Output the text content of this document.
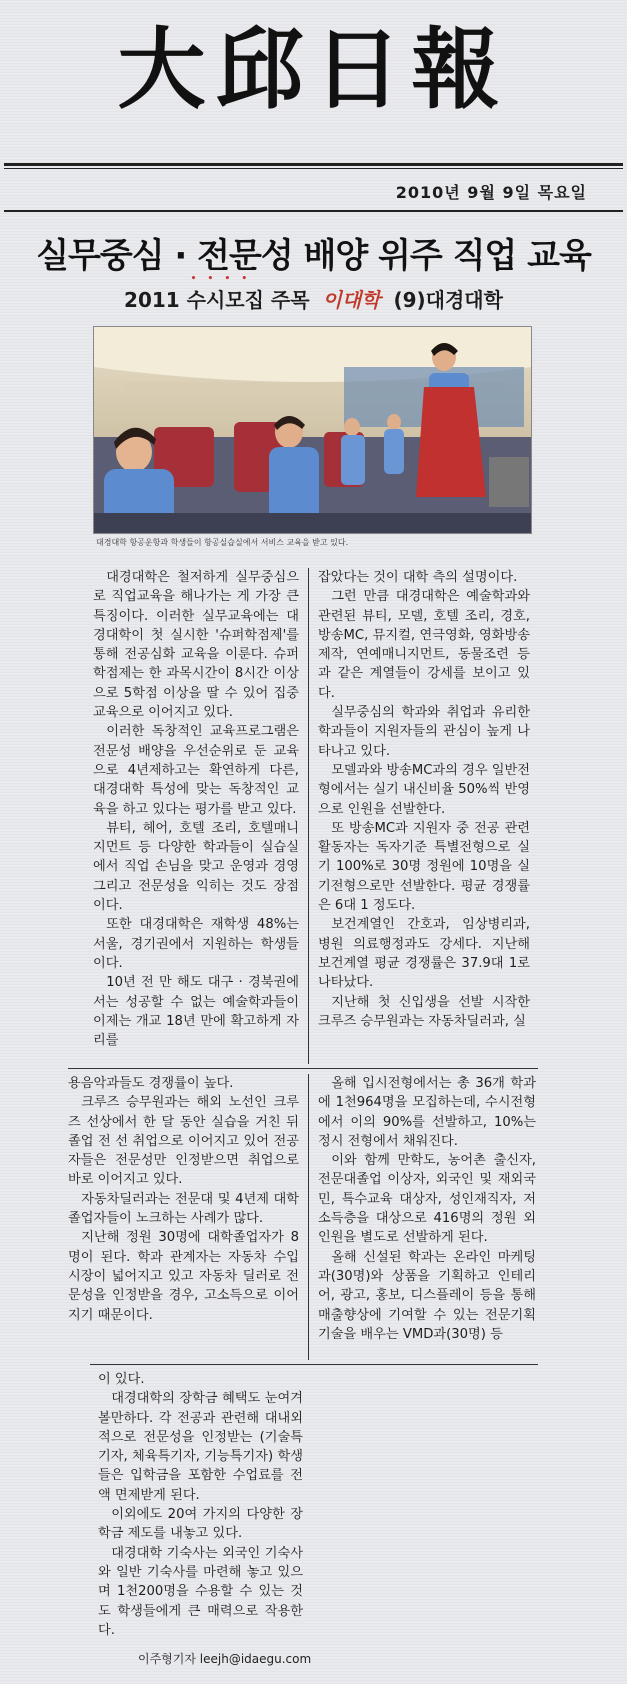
大邱日報
2010년 9월 9일 목요일
실무중심 · 전문성 배양 위주 직업 교육
2011 • • • • 수시모집 주목 이대학 (9)대경대학
대경대학 항공운항과 학생들이 항공실습실에서 서비스 교육을 받고 있다.

대경대학은 철저하게 실무중심으로 직업교육을 해나가는 게 가장 큰 특징이다. 이러한 실무교육에는 대경대학이 첫 실시한 '슈퍼학점제'를 통해 전공심화 교육을 이룬다. 슈퍼학점제는 한 과목시간이 8시간 이상으로 5학점 이상을 딸 수 있어 집중교육으로 이어지고 있다.

이러한 독창적인 교육프로그램은 전문성 배양을 우선순위로 둔 교육으로 4년제하고는 확연하게 다른, 대경대학 특성에 맞는 독창적인 교육을 하고 있다는 평가를 받고 있다.

뷰티, 헤어, 호텔 조리, 호텔매니지먼트 등 다양한 학과들이 실습실에서 직업 손님을 맞고 운영과 경영 그리고 전문성을 익히는 것도 장점이다.

또한 대경대학은 재학생 48%는 서울, 경기권에서 지원하는 학생들이다.

10년 전 만 해도 대구 · 경북권에서는 성공할 수 없는 예술학과들이 이제는 개교 18년 만에 확고하게 자리를

잡았다는 것이 대학 측의 설명이다.

그런 만큼 대경대학은 예술학과와 관련된 뷰티, 모델, 호텔 조리, 경호, 방송MC, 뮤지컬, 연극영화, 영화방송제작, 연예매니지먼트, 동물조련 등과 같은 계열들이 강세를 보이고 있다.

실무중심의 학과와 취업과 유리한 학과들이 지원자들의 관심이 높게 나타나고 있다.

모델과와 방송MC과의 경우 일반전형에서는 실기 내신비율 50%씩 반영으로 인원을 선발한다.

또 방송MC과 지원자 중 전공 관련 활동자는 독자기준 특별전형으로 실기 100%로 30명 정원에 10명을 실기전형으로만 선발한다. 평균 경쟁률은 6대 1 정도다.

보건계열인 간호과, 임상병리과, 병원 의료행정과도 강세다. 지난해 보건계열 평균 경쟁률은 37.9대 1로 나타났다.

지난해 첫 신입생을 선발 시작한 크루즈 승무원과는 자동차딜러과, 실

용음악과들도 경쟁률이 높다.

크루즈 승무원과는 해외 노선인 크루즈 선상에서 한 달 동안 실습을 거친 뒤 졸업 전 선 취업으로 이어지고 있어 전공자들은 전문성만 인정받으면 취업으로 바로 이어지고 있다.

자동차딜러과는 전문대 및 4년제 대학 졸업자들이 노크하는 사례가 많다.

지난해 정원 30명에 대학졸업자가 8명이 된다. 학과 관계자는 자동차 수입 시장이 넓어지고 있고 자동차 딜러로 전문성을 인정받을 경우, 고소득으로 이어지기 때문이다.

올해 입시전형에서는 총 36개 학과에 1천964명을 모집하는데, 수시전형에서 이의 90%를 선발하고, 10%는 정시 전형에서 채워진다.

이와 함께 만학도, 농어촌 출신자, 전문대졸업 이상자, 외국인 및 재외국민, 특수교육 대상자, 성인재직자, 저소득층을 대상으로 416명의 정원 외 인원을 별도로 선발하게 된다.

올해 신설된 학과는 온라인 마케팅과(30명)와 상품을 기획하고 인테리어, 광고, 홍보, 디스플레이 등을 통해 매출향상에 기여할 수 있는 전문기획기술을 배우는 VMD과(30명) 등

이 있다.

대경대학의 장학금 혜택도 눈여겨볼만하다. 각 전공과 관련해 대내외적으로 전문성을 인정받는 (기술특기자, 체육특기자, 기능특기자) 학생들은 입학금을 포함한 수업료를 전액 면제받게 된다.

이외에도 20여 가지의 다양한 장학금 제도를 내놓고 있다.

대경대학 기숙사는 외국인 기숙사와 일반 기숙사를 마련해 놓고 있으며 1천200명을 수용할 수 있는 것도 학생들에게 큰 매력으로 작용한다.

이주형기자 leejh@idaegu.com
